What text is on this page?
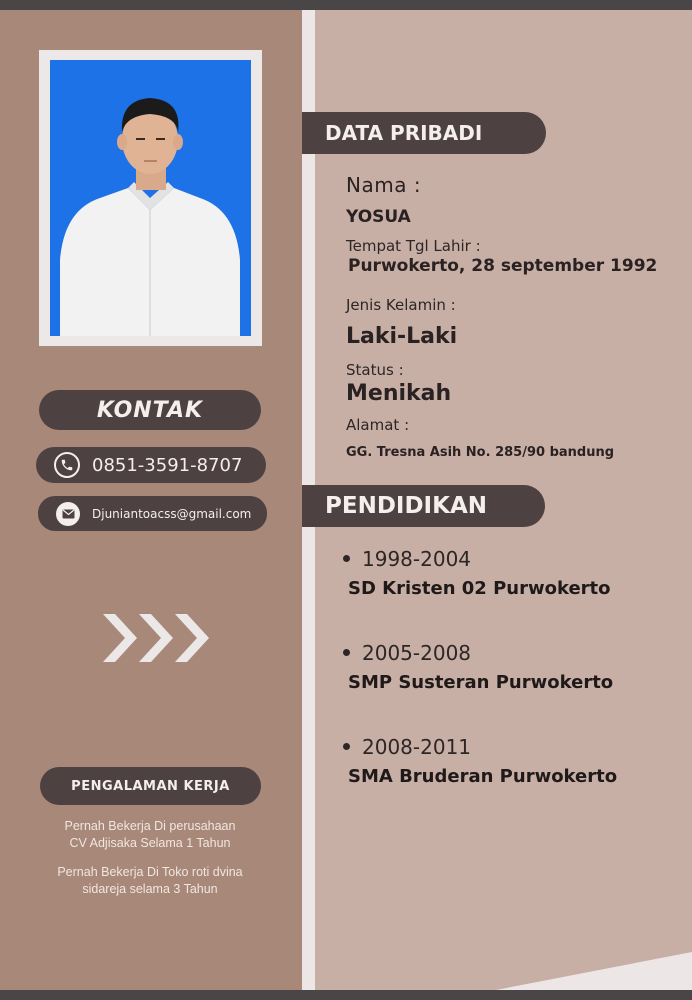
KONTAK
0851-3591-8707
Djuniantoacss@gmail.com
PENGALAMAN KERJA
Pernah Bekerja Di perusahaan
CV Adjisaka Selama 1 Tahun
Pernah Bekerja Di Toko roti dvina
sidareja selama 3 Tahun
DATA PRIBADI
Nama :
YOSUA
Tempat Tgl Lahir :
Purwokerto, 28 september 1992
Jenis Kelamin :
Laki-Laki
Status :
Menikah
Alamat :
GG. Tresna Asih No. 285/90 bandung
PENDIDIKAN
1998-2004
SD Kristen 02 Purwokerto
2005-2008
SMP Susteran Purwokerto
2008-2011
SMA Bruderan Purwokerto
